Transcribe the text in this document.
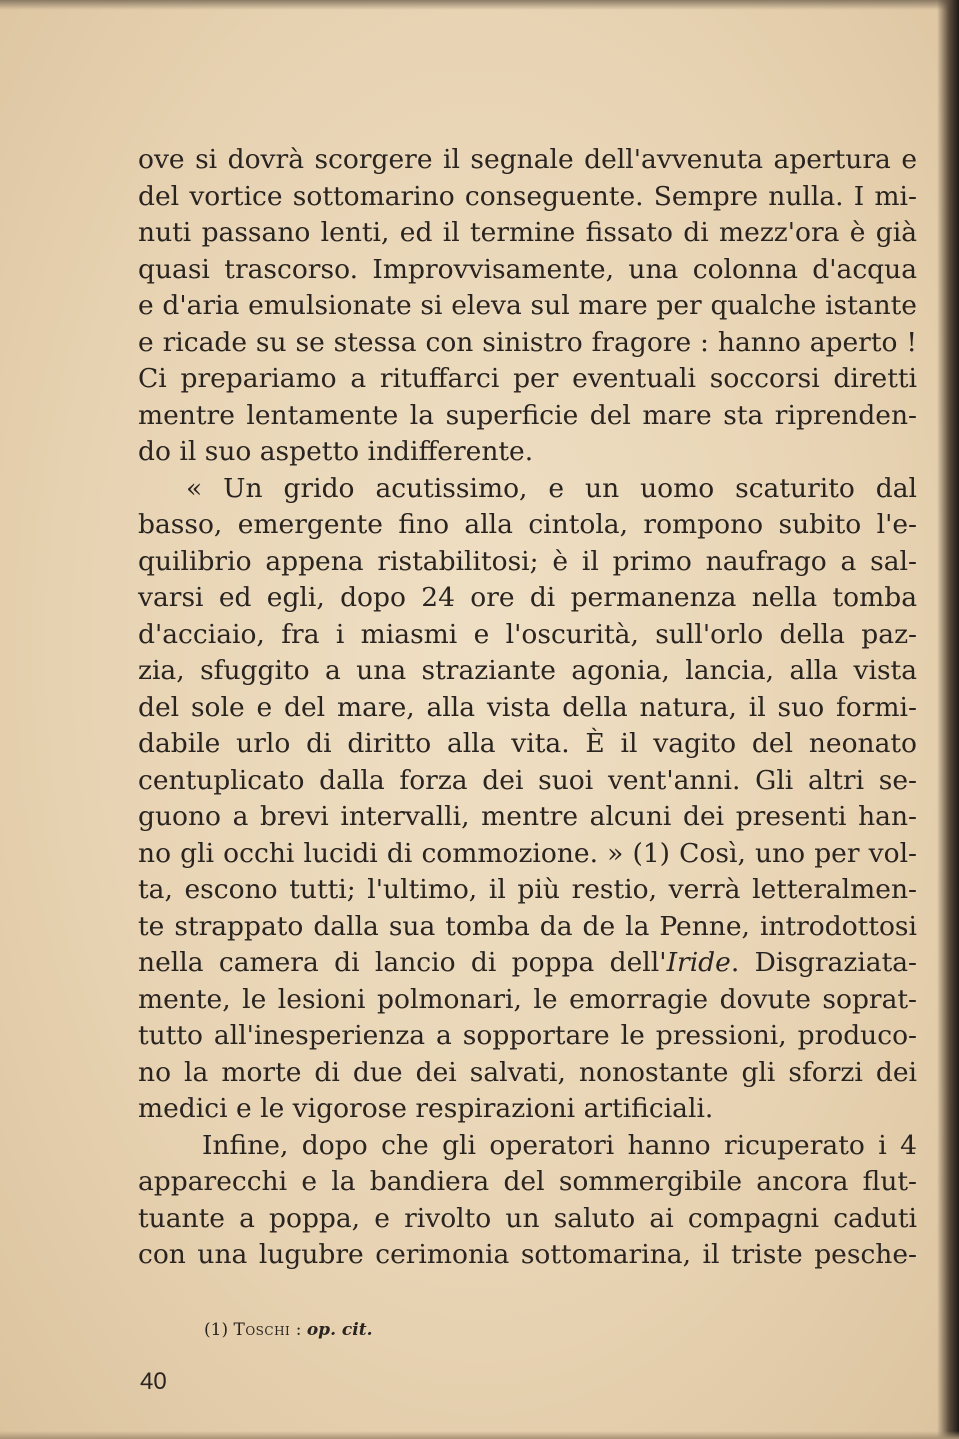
ove si dovrà scorgere il segnale dell'avvenuta apertura e
del vortice sottomarino conseguente. Sempre nulla. I mi-
nuti passano lenti, ed il termine fissato di mezz'ora è già
quasi trascorso. Improvvisamente, una colonna d'acqua
e d'aria emulsionate si eleva sul mare per qualche istante
e ricade su se stessa con sinistro fragore : hanno aperto !
Ci prepariamo a rituffarci per eventuali soccorsi diretti
mentre lentamente la superficie del mare sta riprenden-
do il suo aspetto indifferente.
« Un grido acutissimo, e un uomo scaturito dal
basso, emergente fino alla cintola, rompono subito l'e-
quilibrio appena ristabilitosi; è il primo naufrago a sal-
varsi ed egli, dopo 24 ore di permanenza nella tomba
d'acciaio, fra i miasmi e l'oscurità, sull'orlo della paz-
zia, sfuggito a una straziante agonia, lancia, alla vista
del sole e del mare, alla vista della natura, il suo formi-
dabile urlo di diritto alla vita. È il vagito del neonato
centuplicato dalla forza dei suoi vent'anni. Gli altri se-
guono a brevi intervalli, mentre alcuni dei presenti han-
no gli occhi lucidi di commozione. » (1) Così, uno per vol-
ta, escono tutti; l'ultimo, il più restio, verrà letteralmen-
te strappato dalla sua tomba da de la Penne, introdottosi
nella camera di lancio di poppa dell'Iride. Disgraziata-
mente, le lesioni polmonari, le emorragie dovute soprat-
tutto all'inesperienza a sopportare le pressioni, produco-
no la morte di due dei salvati, nonostante gli sforzi dei
medici e le vigorose respirazioni artificiali.
Infine, dopo che gli operatori hanno ricuperato i 4
apparecchi e la bandiera del sommergibile ancora flut-
tuante a poppa, e rivolto un saluto ai compagni caduti
con una lugubre cerimonia sottomarina, il triste pesche-
(1) Toschi : op. cit.
40
